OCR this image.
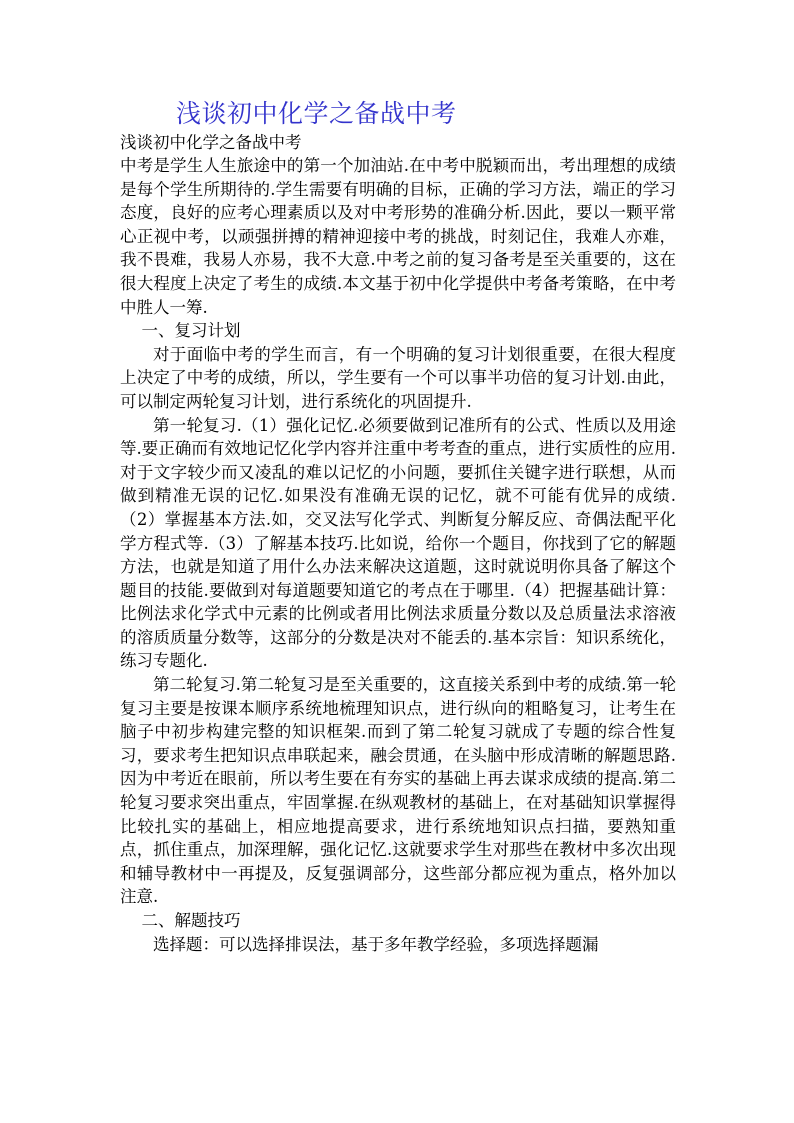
浅谈初中化学之备战中考

浅谈初中化学之备战中考

中考是学生人生旅途中的第一个加油站.在中考中脱颖而出，考出理想的成绩是每个学生所期待的.学生需要有明确的目标，正确的学习方法，端正的学习态度，良好的应考心理素质以及对中考形势的准确分析.因此，要以一颗平常心正视中考，以顽强拼搏的精神迎接中考的挑战，时刻记住，我难人亦难，我不畏难，我易人亦易，我不大意.中考之前的复习备考是至关重要的，这在很大程度上决定了考生的成绩.本文基于初中化学提供中考备考策略，在中考中胜人一筹.

一、复习计划

对于面临中考的学生而言，有一个明确的复习计划很重要，在很大程度上决定了中考的成绩，所以，学生要有一个可以事半功倍的复习计划.由此，可以制定两轮复习计划，进行系统化的巩固提升.

第一轮复习.（1）强化记忆.必须要做到记准所有的公式、性质以及用途等.要正确而有效地记忆化学内容并注重中考考查的重点，进行实质性的应用.对于文字较少而又凌乱的难以记忆的小问题，要抓住关键字进行联想，从而做到精准无误的记忆.如果没有准确无误的记忆，就不可能有优异的成绩.（2）掌握基本方法.如，交叉法写化学式、判断复分解反应、奇偶法配平化学方程式等.（3）了解基本技巧.比如说，给你一个题目，你找到了它的解题方法，也就是知道了用什么办法来解决这道题，这时就说明你具备了解这个题目的技能.要做到对每道题要知道它的考点在于哪里.（4）把握基础计算：比例法求化学式中元素的比例或者用比例法求质量分数以及总质量法求溶液的溶质质量分数等，这部分的分数是决对不能丢的.基本宗旨：知识系统化，练习专题化.

第二轮复习.第二轮复习是至关重要的，这直接关系到中考的成绩.第一轮复习主要是按课本顺序系统地梳理知识点，进行纵向的粗略复习，让考生在脑子中初步构建完整的知识框架.而到了第二轮复习就成了专题的综合性复习，要求考生把知识点串联起来，融会贯通，在头脑中形成清晰的解题思路.因为中考近在眼前，所以考生要在有夯实的基础上再去谋求成绩的提高.第二轮复习要求突出重点，牢固掌握.在纵观教材的基础上，在对基础知识掌握得比较扎实的基础上，相应地提高要求，进行系统地知识点扫描，要熟知重点，抓住重点，加深理解，强化记忆.这就要求学生对那些在教材中多次出现和辅导教材中一再提及，反复强调部分，这些部分都应视为重点，格外加以注意.

二、解题技巧

选择题：可以选择排误法，基于多年教学经验，多项选择题漏
